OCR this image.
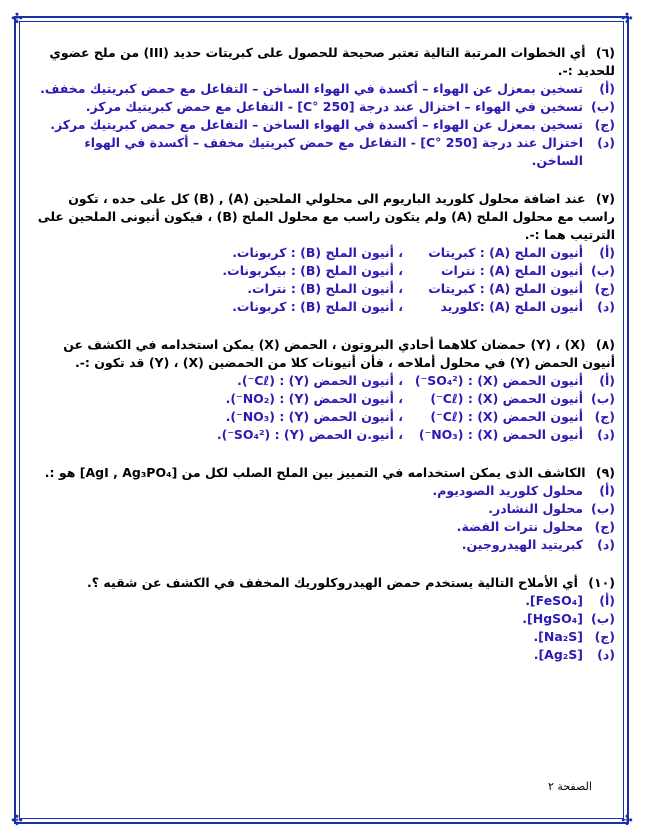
✣	✣
✣	✣
(٦) أي الخطوات المرتبة التالية تعتبر صحيحة للحصول على كبريتات حديد (III) من ملح عضوي للحديد :-.
(أ)
تسخين بمعزل عن الهواء – أكسدة في الهواء الساخن – التفاعل مع حمض كبريتيك مخفف.
(ب)
تسخين في الهواء – اختزال عند درجة [250 °C] - التفاعل مع حمض كبريتيك مركز.
(ج)
تسخين بمعزل عن الهواء – أكسدة في الهواء الساخن – التفاعل مع حمض كبريتيك مركز.
(د)
اختزال عند درجة [250 °C] - التفاعل مع حمض كبريتيك مخفف – أكسدة في الهواء الساخن.
(٧) عند اضافة محلول كلوريد الباريوم الى محلولي الملحين (A) , (B) كل على حده ، تكون راسب مع محلول الملح (A) ولم يتكون راسب مع محلول الملح (B) ، فيكون أنيونى الملحين على الترتيب هما :-.
(أ)
أنيون الملح (A) : كبريتات
، أنيون الملح (B) : كربونات.
(ب)
أنيون الملح (A) : نترات
، أنيون الملح (B) : بيكربونات.
(ج)
أنيون الملح (A) : كبريتات
، أنيون الملح (B) : نترات.
(د)
أنيون الملح (A) :كلوريد
، أنيون الملح (B) : كربونات.
(٨) (X) ، (Y) حمضان كلاهما أحادي البروتون ، الحمض (X) يمكن استخدامه في الكشف عن أنيون الحمض (Y) في محلول أملاحه ، فأن أنيونات كلا من الحمضين (X) ، (Y) قد تكون :-.
(أ)
أنيون الحمض (X) : (SO₄²⁻)
، أنيون الحمض (Y) : (Cℓ⁻).
(ب)
أنيون الحمض (X) : (Cℓ⁻)
، أنيون الحمض (Y) : (NO₂⁻).
(ج)
أنيون الحمض (X) : (Cℓ⁻)
، أنيون الحمض (Y) : (NO₃⁻).
(د)
أنيون الحمض (X) : (NO₃⁻)
، أنيو.ن الحمض (Y) : (SO₄²⁻).
(٩) الكاشف الذى يمكن استخدامه في التمييز بين الملح الصلب لكل من [AgI , Ag₃PO₄] هو :.
(أ)
محلول كلوريد الصوديوم.
(ب)
محلول النشادر.
(ج)
محلول نترات الفضة.
(د)
كبريتيد الهيدروجين.
(١٠) أي الأملاح التالية يستخدم حمض الهيدروكلوريك المخفف في الكشف عن شقيه ؟.
(أ)
[FeSO₄].
(ب)
[HgSO₄].
(ج)
[Na₂S].
(د)
[Ag₂S].
الصفحة ٢
